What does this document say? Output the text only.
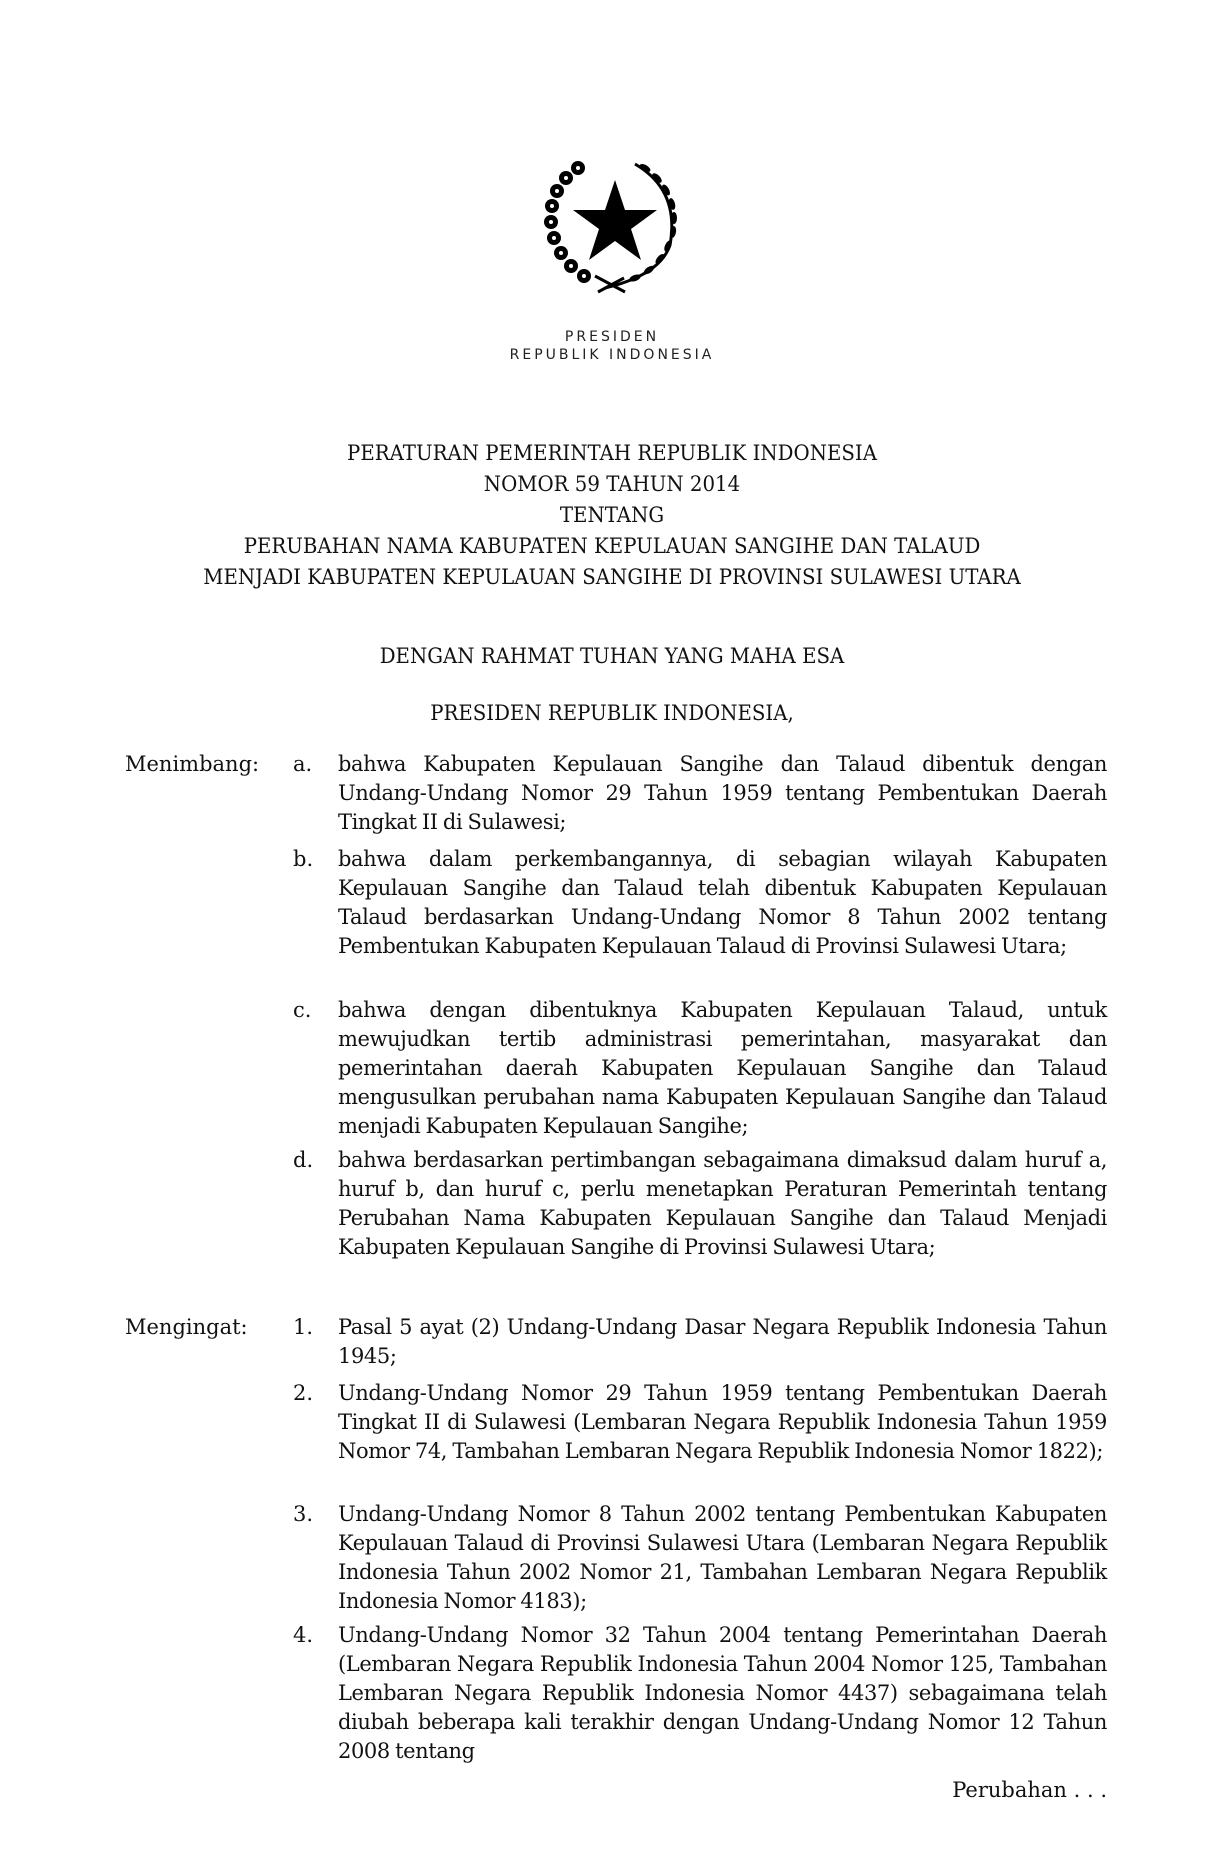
PRESIDEN
REPUBLIK INDONESIA
PERATURAN PEMERINTAH REPUBLIK INDONESIA
NOMOR 59 TAHUN 2014
TENTANG
PERUBAHAN NAMA KABUPATEN KEPULAUAN SANGIHE DAN TALAUD
MENJADI KABUPATEN KEPULAUAN SANGIHE DI PROVINSI SULAWESI UTARA
DENGAN RAHMAT TUHAN YANG MAHA ESA
PRESIDEN REPUBLIK INDONESIA,
Menimbang: a.	bahwa Kabupaten Kepulauan Sangihe dan Talaud dibentuk dengan Undang-Undang Nomor 29 Tahun 1959 tentang Pembentukan Daerah Tingkat II di Sulawesi;
b.	bahwa dalam perkembangannya, di sebagian wilayah Kabupaten Kepulauan Sangihe dan Talaud telah dibentuk Kabupaten Kepulauan Talaud berdasarkan Undang-Undang Nomor 8 Tahun 2002 tentang Pembentukan Kabupaten Kepulauan Talaud di Provinsi Sulawesi Utara;
c.	bahwa dengan dibentuknya Kabupaten Kepulauan Talaud, untuk mewujudkan tertib administrasi pemerintahan, masyarakat dan pemerintahan daerah Kabupaten Kepulauan Sangihe dan Talaud mengusulkan perubahan nama Kabupaten Kepulauan Sangihe dan Talaud menjadi Kabupaten Kepulauan Sangihe;
d.	bahwa berdasarkan pertimbangan sebagaimana dimaksud dalam huruf a, huruf b, dan huruf c, perlu menetapkan Peraturan Pemerintah tentang Perubahan Nama Kabupaten Kepulauan Sangihe dan Talaud Menjadi Kabupaten Kepulauan Sangihe di Provinsi Sulawesi Utara;
Mengingat: 1.	Pasal 5 ayat (2) Undang-Undang Dasar Negara Republik Indonesia Tahun 1945;
2.	Undang-Undang Nomor 29 Tahun 1959 tentang Pembentukan Daerah Tingkat II di Sulawesi (Lembaran Negara Republik Indonesia Tahun 1959 Nomor 74, Tambahan Lembaran Negara Republik Indonesia Nomor 1822);
3.	Undang-Undang Nomor 8 Tahun 2002 tentang Pembentukan Kabupaten Kepulauan Talaud di Provinsi Sulawesi Utara (Lembaran Negara Republik Indonesia Tahun 2002 Nomor 21, Tambahan Lembaran Negara Republik Indonesia Nomor 4183);
4.	Undang-Undang Nomor 32 Tahun 2004 tentang Pemerintahan Daerah (Lembaran Negara Republik Indonesia Tahun 2004 Nomor 125, Tambahan Lembaran Negara Republik Indonesia Nomor 4437) sebagaimana telah diubah beberapa kali terakhir dengan Undang-Undang Nomor 12 Tahun 2008 tentang
Perubahan . . .
